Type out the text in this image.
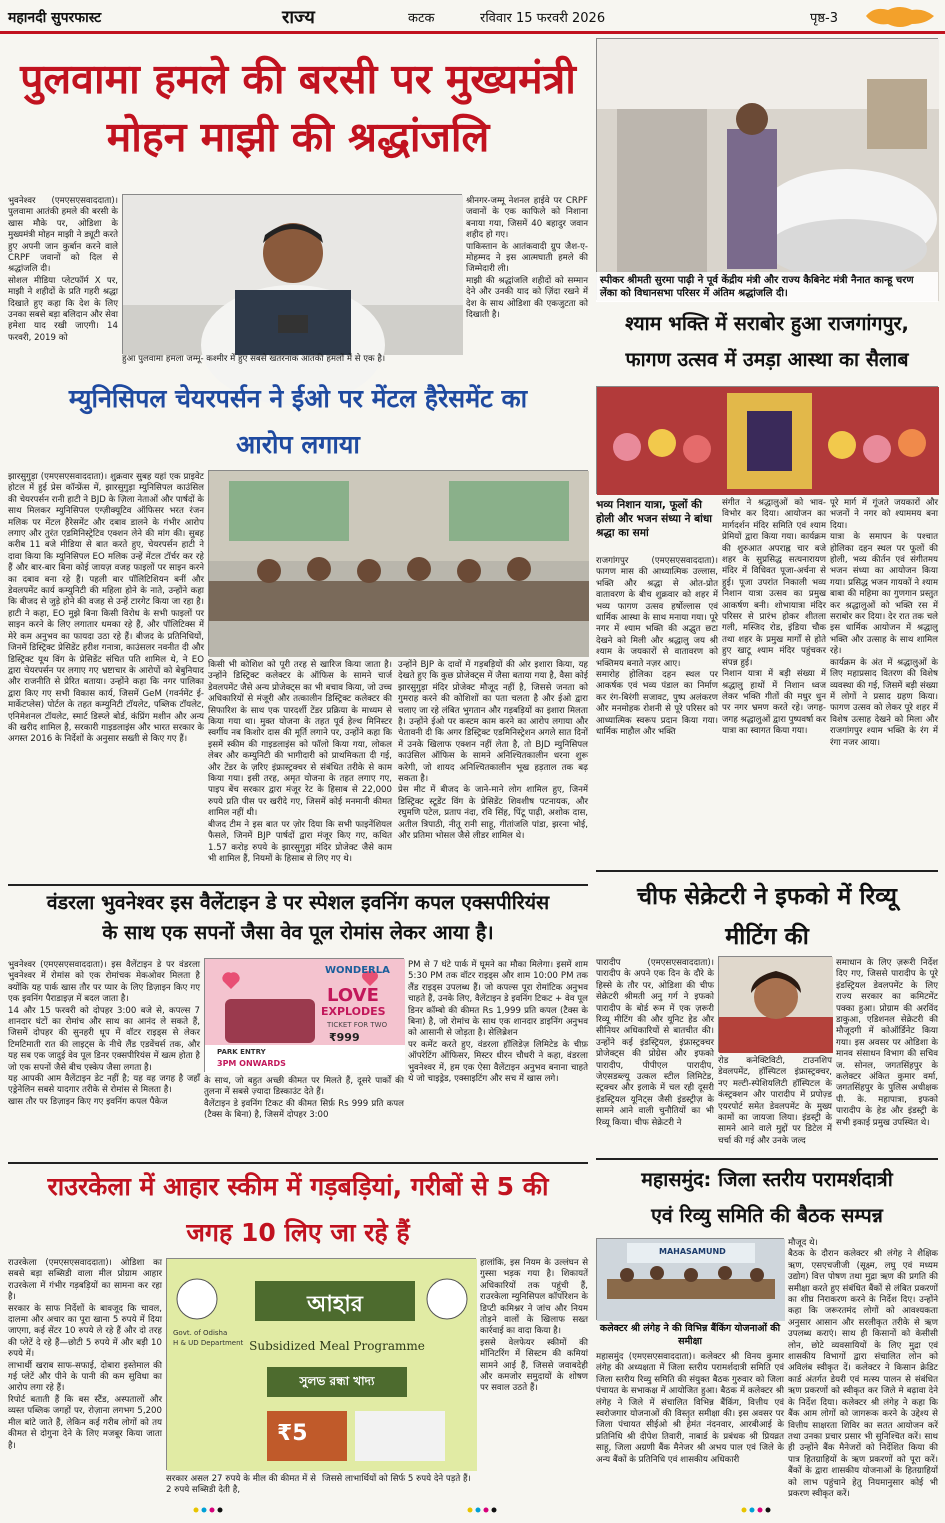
महानदी सुपरफास्ट	राज्य	कटक	रविवार 15 फरवरी 2026	पृष्ठ-3
पुलवामा हमले की बरसी पर मुख्यमंत्री
मोहन माझी की श्रद्धांजलि
भुवनेश्वर (एमएसएसवाददाता)। पुलवामा आतंकी हमले की बरसी के खास मौके पर, ओडिशा के मुख्यमंत्री मोहन माझी ने ड्यूटी करते हुए अपनी जान कुर्बान करने वाले CRPF जवानों को दिल से श्रद्धांजलि दी।
सोशल मीडिया प्लेटफॉर्म X पर, माझी ने शहीदों के प्रति गहरी श्रद्धा दिखाते हुए कहा कि देश के लिए उनका सबसे बड़ा बलिदान और सेवा हमेशा याद रखी जाएगी। 14 फरवरी, 2019 को
श्रीनगर-जम्मू नेशनल हाईवे पर CRPF जवानों के एक काफिले को निशाना बनाया गया, जिसमें 40 बहादुर जवान शहीद हो गए।
पाकिस्तान के आतंकवादी ग्रुप जैश-ए-मोहम्मद ने इस आत्मघाती हमले की जिम्मेदारी ली।
माझी की श्रद्धांजलि शहीदों को सम्मान देने और उनकी याद को ज़िंदा रखने में देश के साथ ओडिशा की एकजुटता को दिखाती है।
हुआ पुलवामा हमला जम्मू- कश्मीर में हुए सबसे खतरनाक आतंकी हमलों में से एक है।
स्पीकर श्रीमती सुरमा पाढ़ी ने पूर्व केंद्रीय मंत्री और राज्य कैबिनेट मंत्री नैनात कान्हू चरण लेंका को विधानसभा परिसर में अंतिम श्रद्धांजलि दी।
श्याम भक्ति में सराबोर हुआ राजगांगपुर,
फागण उत्सव में उमड़ा आस्था का सैलाब
भव्य निशान यात्रा, फूलों की होली और भजन संध्या ने बांधा श्रद्धा का समां
राजगांगपुर (एमएसएसवाददाता)। फागण मास की आध्यात्मिक उल्लास, भक्ति और श्रद्धा से ओत-प्रोत वातावरण के बीच शुक्रवार को शहर में भव्य फागण उत्सव हर्षोल्लास एवं धार्मिक आस्था के साथ मनाया गया। पूरे नगर में श्याम भक्ति की अद्भुत छटा देखने को मिली और श्रद्धालु जय श्री श्याम के जयकारों से वातावरण को भक्तिमय बनाते नज़र आए।
समारोह होलिका दहन स्थल पर आकर्षक एवं भव्य पंडाल का निर्माण कर रंग-बिरंगी सजावट, पुष्प अलंकरण और मनमोहक रोशनी से पूरे परिसर को आध्यात्मिक स्वरूप प्रदान किया गया। धार्मिक माहौल और भक्ति
संगीत ने श्रद्धालुओं को भाव-विभोर कर दिया। आयोजन का मार्गदर्शन मंदिर समिति एवं श्याम प्रेमियों द्वारा किया गया। कार्यक्रम की शुरुआत अपराह्न चार बजे शहर के सुप्रसिद्ध सत्यनारायण मंदिर में विधिवत पूजा-अर्चना से हुई। पूजा उपरांत निकाली भव्य निशान यात्रा उत्सव का प्रमुख आकर्षण बनी। शोभायात्रा मंदिर परिसर से प्रारंभ होकर शीतला गली, मस्जिद रोड, इंडिया चौक तथा शहर के प्रमुख मार्गों से होते हुए खाटू श्याम मंदिर पहुंचकर संपन्न हुई।
निशान यात्रा में बड़ी संख्या में श्रद्धालु हाथों में निशान ध्वज लेकर भक्ति गीतों की मधुर धुन पर नगर भ्रमण करते रहे। जगह-जगह श्रद्धालुओं द्वारा पुष्पवर्षा कर यात्रा का स्वागत किया गया।
पूरे मार्ग में गूंजते जयकारों और भजनों ने नगर को श्याममय बना दिया।
यात्रा के समापन के पश्चात होलिका दहन स्थल पर फूलों की होली, भव्य कीर्तन एवं संगीतमय भजन संध्या का आयोजन किया गया। प्रसिद्ध भजन गायकों ने श्याम बाबा की महिमा का गुणगान प्रस्तुत कर श्रद्धालुओं को भक्ति रस में सराबोर कर दिया। देर रात तक चले इस धार्मिक आयोजन में श्रद्धालु भक्ति और उत्साह के साथ शामिल रहे।
कार्यक्रम के अंत में श्रद्धालुओं के लिए महाप्रसाद वितरण की विशेष व्यवस्था की गई, जिसमें बड़ी संख्या में लोगों ने प्रसाद ग्रहण किया। फागण उत्सव को लेकर पूरे शहर में विशेष उत्साह देखने को मिला और राजगांगपुर श्याम भक्ति के रंग में रंगा नजर आया।
म्युनिसिपल चेयरपर्सन ने ईओ पर मेंटल हैरेसमेंट का
आरोप लगाया
झारसुगुड़ा (एमएसएसवाददाता)। शुक्रवार सुबह यहां एक प्राइवेट होटल में हुई प्रेस कॉन्फ्रेंस में, झारसुगुड़ा म्युनिसिपल काउंसिल की चेयरपर्सन रानी हाटी ने BJD के ज़िला नेताओं और पार्षदों के साथ मिलकर म्युनिसिपल एग्ज़ीक्यूटिव ऑफिसर भरत रंजन मलिक पर मेंटल हैरेसमेंट और दबाव डालने के गंभीर आरोप लगाए और तुरंत एडमिनिस्ट्रेटिव एक्शन लेने की मांग की। सुबह करीब 11 बजे मीडिया से बात करते हुए, चेयरपर्सन हाटी ने दावा किया कि म्युनिसिपल EO मलिक उन्हें मेंटल टॉर्चर कर रहे हैं और बार-बार बिना कोई जायज़ वजह फाइलों पर साइन करने का दबाव बना रहे हैं। पहली बार पॉलिटिशियन बनीं और डेवलपमेंट कार्य कम्युनिटी की महिला होने के नाते, उन्होंने कहा कि बीजद से जुड़े होने की वजह से उन्हें टारगेट किया जा रहा है। हाटी ने कहा, EO मुझे बिना किसी विरोध के सभी फाइलों पर साइन करने के लिए लगातार धमका रहे हैं, और पॉलिटिक्स में मेरे कम अनुभव का फायदा उठा रहे हैं। बीजद के प्रतिनिधियों, जिनमें डिस्ट्रिक्ट प्रेसिडेंट हरीश गनात्रा, काउंसलर नवनीत दी और डिस्ट्रिक्ट यूथ विंग के प्रेसिडेंट संचित पति शामिल थे, ने EO द्वारा चेयरपर्सन पर लगाए गए भ्रष्टाचार के आरोपों को बेबुनियाद और राजनीति से प्रेरित बताया। उन्होंने कहा कि नगर पालिका द्वारा किए गए सभी विकास कार्य, जिसमें GeM (गवर्नमेंट ई-मार्केटप्लेस) पोर्टल के तहत कम्युनिटी टॉयलेट, पब्लिक टॉयलेट, एनिमेशनल टॉयलेट, स्मार्ट डिस्प्ले बोर्ड, कंप्रिंग मशीन और अन्य की खरीद शामिल है, सरकारी गाइडलाइंस और भारत सरकार के अगस्त 2016 के निर्देशों के अनुसार सख्ती से किए गए हैं।
किसी भी कोशिश को पूरी तरह से खारिज किया जाता है। उन्होंने डिस्ट्रिक्ट कलेक्टर के ऑफिस के सामने चार्ज डेवलपमेंट जैसे अन्य प्रोजेक्ट्स का भी बचाव किया, जो उच्च अधिकारियों से मंजूरी और तत्कालीन डिस्ट्रिक्ट कलेक्टर की सिफारिश के साथ एक पारदर्शी टेंडर प्रक्रिया के माध्यम से किया गया था। मुक्त योजना के तहत पूर्व हेल्थ मिनिस्टर स्वर्गीय नब किशोर दास की मूर्ति लगाने पर, उन्होंने कहा कि इसमें स्कीम की गाइडलाइंस को फॉलो किया गया, लोकल लेबर और कम्युनिटी की भागीदारी को प्राथमिकता दी गई, और टेंडर के ज़रिए इंफ्रास्ट्रक्चर से संबंधित तरीके से काम किया गया। इसी तरह, अमृत योजना के तहत लगाए गए, पाइप बेंच सरकार द्वारा मंजूर रेट के हिसाब से 22,000 रुपये प्रति पीस पर खरीदे गए, जिसमें कोई मनमानी कीमत शामिल नहीं थी।
बीजद टीम ने इस बात पर ज़ोर दिया कि सभी फाइनेंशियल फैसले, जिनमें BJP पार्षदों द्वारा मंजूर किए गए, कथित 1.57 करोड़ रुपये के झारसुगुड़ा मंदिर प्रोजेक्ट जैसे काम भी शामिल हैं, नियमों के हिसाब से लिए गए थे।
उन्होंने BJP के दावों में गड़बड़ियों की ओर इशारा किया, यह देखते हुए कि कुछ प्रोजेक्ट्स में जैसा बताया गया है, वैसा कोई झारसुगुड़ा मंदिर प्रोजेक्ट मौजूद नहीं है, जिससे जनता को गुमराह करने की कोशिशों का पता चलता है और ईओ द्वारा चलाए जा रहे लंबित भुगतान और गड़बड़ियों का इशारा मिलता है। उन्होंने ईओ पर कस्टम काम करने का आरोप लगाया और चेतावनी दी कि अगर डिस्ट्रिक्ट एडमिनिस्ट्रेशन अगले सात दिनों में उनके खिलाफ एक्शन नहीं लेता है, तो BJD म्युनिसिपल काउंसिल ऑफिस के सामने अनिश्चितकालीन धरना शुरू करेगी, जो शायद अनिश्चितकालीन भूख हड़ताल तक बढ़ सकता है।
प्रेस मीट में बीजद के जाने-माने लोग शामिल हुए, जिनमें डिस्ट्रिक्ट स्टूडेंट विंग के प्रेसिडेंट शिवशीष पटनायक, और रघुमणि पटेल, प्रताप नंदा, रवि सिंह, पिंटू पाढ़ी, अशोक दास, अतील त्रिपाठी, नीतू रानी साहू, गीतांजलि पांडा, झरना भोई, और प्रतिमा भोसल जैसे लीडर शामिल थे।
चीफ सेक्रेटरी ने इफको में रिव्यू
मीटिंग की
पारादीप (एमएसएसवाददाता)। पारादीप के अपने एक दिन के दौरे के हिस्से के तौर पर, ओडिशा की चीफ सेक्रेटरी श्रीमती अनु गर्ग ने इफको पारादीप के बोर्ड रूम में एक ज़रूरी रिव्यू मीटिंग की और यूनिट हेड और सीनियर अधिकारियों से बातचीत की। उन्होंने कई इंडस्ट्रियल, इंफ्रास्ट्रक्चर प्रोजेक्ट्स की प्रोग्रेस और इफको पारादीप, पीपीएल पारादीप, जेएसडब्ल्यू उत्कल स्टील लिमिटेड, स्ट्रक्चर और इलाके में चल रही दूसरी इंडस्ट्रियल यूनिट्स जैसी इंडस्ट्रीज़ के सामने आने वाली चुनौतियों का भी रिव्यू किया। चीफ सेक्रेटरी ने
रोड कनेक्टिविटी, टाउनशिप डेवलपमेंट, हॉस्पिटल इंफ्रास्ट्रक्चर, नए मल्टी-स्पेशियलिटी हॉस्पिटल के कंस्ट्रक्शन और पारादीप में प्रपोज़्ड एयरपोर्ट समेत डेवलपमेंट के मुख्य कामों का जायजा लिया। इंडस्ट्री के सामने आने वाले मुद्दों पर डिटेल में चर्चा की गई और उनके जल्द
समाधान के लिए ज़रूरी निर्देश दिए गए, जिससे पारादीप के पूरे इंडस्ट्रियल डेवलपमेंट के लिए राज्य सरकार का कमिटमेंट पक्का हुआ। प्रोग्राम की अरविंद डाकुआ, एडिशनल सेक्रेटरी की मौजूदगी में कोऑर्डिनेट किया गया। इस अवसर पर ओडिशा के मानव संसाधन विभाग की सचिव ज. सोनल, जगतसिंहपुर के कलेक्टर अंकित कुमार वर्मा, जगतसिंहपुर के पुलिस अधीक्षक पी. के. महापात्रा, इफको पारादीप के हेड और इंडस्ट्री के सभी इकाई प्रमुख उपस्थित थे।
वंडरला भुवनेश्वर इस वैलेंटाइन डे पर स्पेशल इवनिंग कपल एक्सपीरियंस
के साथ एक सपनों जैसा वेव पूल रोमांस लेकर आया है।
भुवनेश्वर (एमएसएसवाददाता)। इस वैलेंटाइन डे पर वंडरला भुवनेश्वर में रोमांस को एक रोमांचक मेकओवर मिलता है क्योंकि यह पार्क खास तौर पर प्यार के लिए डिज़ाइन किए गए एक इवनिंग पैराडाइज़ में बदल जाता है।
14 और 15 फरवरी को दोपहर 3:00 बजे से, कपल्स 7 शानदार घंटों का रोमांच और साथ का आनंद ले सकते हैं, जिसमें दोपहर की सुनहरी धूप में वॉटर राइड्स से लेकर टिमटिमाती रात की लाइट्स के नीचे लैंड एडवेंचर्स तक, और यह सब एक जादुई वेव पूल डिनर एक्सपीरियंस में खत्म होता है जो एक सपनों जैसे बीच एस्केप जैसा लगता है।
यह आपकी आम वैलेंटाइन डेट नहीं है; यह वह जगह है जहाँ एड्रेनेलिन सबसे यादगार तरीके से रोमांस से मिलता है।
खास तौर पर डिज़ाइन किए गए इवनिंग कपल पैकेज
WONDERLA
LOVE
EXPLODES
TICKET FOR TWO
₹999
PARK ENTRY
3PM ONWARDS
के साथ, जो बहुत अच्छी कीमत पर मिलते हैं, दूसरे पार्कों की तुलना में सबसे ज़्यादा डिस्काउंट देते हैं।
वैलेंटाइन डे इवनिंग टिकट की कीमत सिर्फ़ Rs 999 प्रति कपल (टैक्स के बिना) है, जिसमें दोपहर 3:00
PM से 7 घंटे पार्क में घूमने का मौका मिलेगा। इसमें शाम 5:30 PM तक वॉटर राइड्स और शाम 10:00 PM तक लैंड राइड्स उपलब्ध हैं। जो कपल्स पूरा रोमांटिक अनुभव चाहते हैं, उनके लिए, वैलेंटाइन डे इवनिंग टिकट + वेव पूल डिनर कॉम्बो की कीमत Rs 1,999 प्रति कपल (टैक्स के बिना) है, जो रोमांच के साथ एक शानदार डाइनिंग अनुभव को आसानी से जोड़ता है। सेलिब्रेशन
पर कमेंट करते हुए, वंडरला हॉलिडेज़ लिमिटेड के चीफ़ ऑपरेटिंग ऑफिसर, मिस्टर धीरन चौधरी ने कहा, वंडरला भुवनेश्वर में, हम एक ऐसा वैलेंटाइन अनुभव बनाना चाहते थे जो चाइड्रेड, एक्साइटिंग और सच में खास लगे।
महासमुंद: जिला स्तरीय परामर्शदात्री
एवं रिव्यु समिति की बैठक सम्पन्न
MAHASAMUND
कलेक्टर श्री लंगेह ने की विभिन्न बैंकिंग योजनाओं की समीक्षा
मौजूद थे।
बैठक के दौरान कलेक्टर श्री लंगेह ने शैक्षिक ऋण, एसएचजीजी (सूक्ष्म, लघु एवं मध्यम उद्योग) वित्त पोषण तथा मुद्रा ऋण की प्रगति की समीक्षा करते हुए संबंधित बैंकों से लंबित प्रकरणों का शीघ्र निराकरण करने के निर्देश दिए। उन्होंने कहा कि जरूरतमंद लोगों को आवश्यकता अनुसार आसान और सरलीकृत तरीके से ऋण उपलब्ध कराएं। साथ ही किसानों को केसीसी लोन, छोटे व्यवसायियों के लिए मुद्रा एवं शासकीय विभागों द्वारा संचालित लोन को अविलंब स्वीकृत दें। कलेक्टर ने किसान क्रेडिट कार्ड अंतर्गत डेयरी एवं मत्स्य पालन से संबंधित ऋण प्रकरणों को स्वीकृत कर जिले मे बढ़ावा देने के निर्देश दिया। कलेक्टर श्री लंगेह ने कहा कि बैंक आम लोगों को जागरूक करने के उद्देश्य से वित्तीय साक्षरता शिविर का सतत आयोजन करें तथा उनका प्रचार प्रसार भी सुनिश्चित करें। साथ ही उन्होंने बैंक मैनेजरों को निर्देशित किया की पात्र हितग्राहियों के ऋण प्रकरणों को पूरा करें। बैंकों के द्वारा शासकीय योजनाओं के हितग्राहियों को लाभ पहुंचाने हेतु नियमानुसार कोई भी प्रकरण स्वीकृत करें।
महासमुंद (एमएसएसवाददाता)। कलेक्टर श्री विनय कुमार लंगेह की अध्यक्षता में जिला स्तरीय परामर्शदात्री समिति एवं जिला स्तरीय रिव्यु समिति की संयुक्त बैठक गुरुवार को जिला पंचायत के सभाकक्ष में आयोजित हुआ। बैठक में कलेक्टर श्री लंगेह ने जिले में संचालित विभिन्न बैंकिंग, वित्तीय एवं स्वरोजगार योजनाओं की विस्तृत समीक्षा की। इस अवसर पर जिला पंचायत सीईओ श्री हेमंत नंदनवार, आरबीआई के प्रतिनिधि श्री दीपेश तिवारी, नाबार्ड के प्रबंधक श्री प्रियव्रत साहू, जिला अग्रणी बैंक मैनेजर श्री अभय पाल एवं जिले के अन्य बैंकों के प्रतिनिधि एवं शासकीय अधिकारी
राउरकेला में आहार स्कीम में गड़बड़ियां, गरीबों से 5 की
जगह 10 लिए जा रहे हैं
राउरकेला (एमएसएसवाददाता)। ओडिशा का सबसे बड़ा सब्सिडी वाला मील प्रोग्राम आहार राउरकेला में गंभीर गड़बड़ियों का सामना कर रहा है।
सरकार के साफ निर्देशों के बावजूद कि चावल, दालमा और अचार का पूरा खाना 5 रुपये में दिया जाएगा, कई सेंटर 10 रुपये ले रहे हैं और दो तरह की प्लेटें दे रहे हैं—छोटी 5 रुपये में और बड़ी 10 रुपये में।
लाभार्थी खराब साफ-सफाई, दोबारा इस्तेमाल की गई प्लेटें और पीने के पानी की कम सुविधा का आरोप लगा रहे हैं।
रिपोर्ट बताती हैं कि बस स्टैंड, अस्पतालों और व्यस्त पब्लिक जगहों पर, रोज़ाना लगभग 5,200 मील बांटे जाते हैं, लेकिन कई गरीब लोगों को तय कीमत से दोगुना देने के लिए मजबूर किया जाता है।
আহার
Subsidized Meal Programme
সুলভ রন্ধা খাদ্য
Govt. of Odisha
H & UD Department
₹5
हालांकि, इस नियम के उल्लंघन से गुस्सा भड़क गया है। शिकायतें अधिकारियों तक पहुंची हैं, राउरकेला म्युनिसिपल कॉर्पोरेशन के डिप्टी कमिश्नर ने जांच और नियम तोड़ने वालों के खिलाफ सख्त कार्रवाई का वादा किया है।
इससे वेलफेयर स्कीमों की मॉनिटरिंग में सिस्टम की कमियां सामने आई हैं, जिससे जवाबदेही और कमजोर समुदायों के शोषण पर सवाल उठते हैं।
सरकार असल 27 रुपये के मील की कीमत में से 2 रुपये सब्सिडी देती है,
जिससे लाभार्थियों को सिर्फ 5 रुपये देने पड़ते हैं।
